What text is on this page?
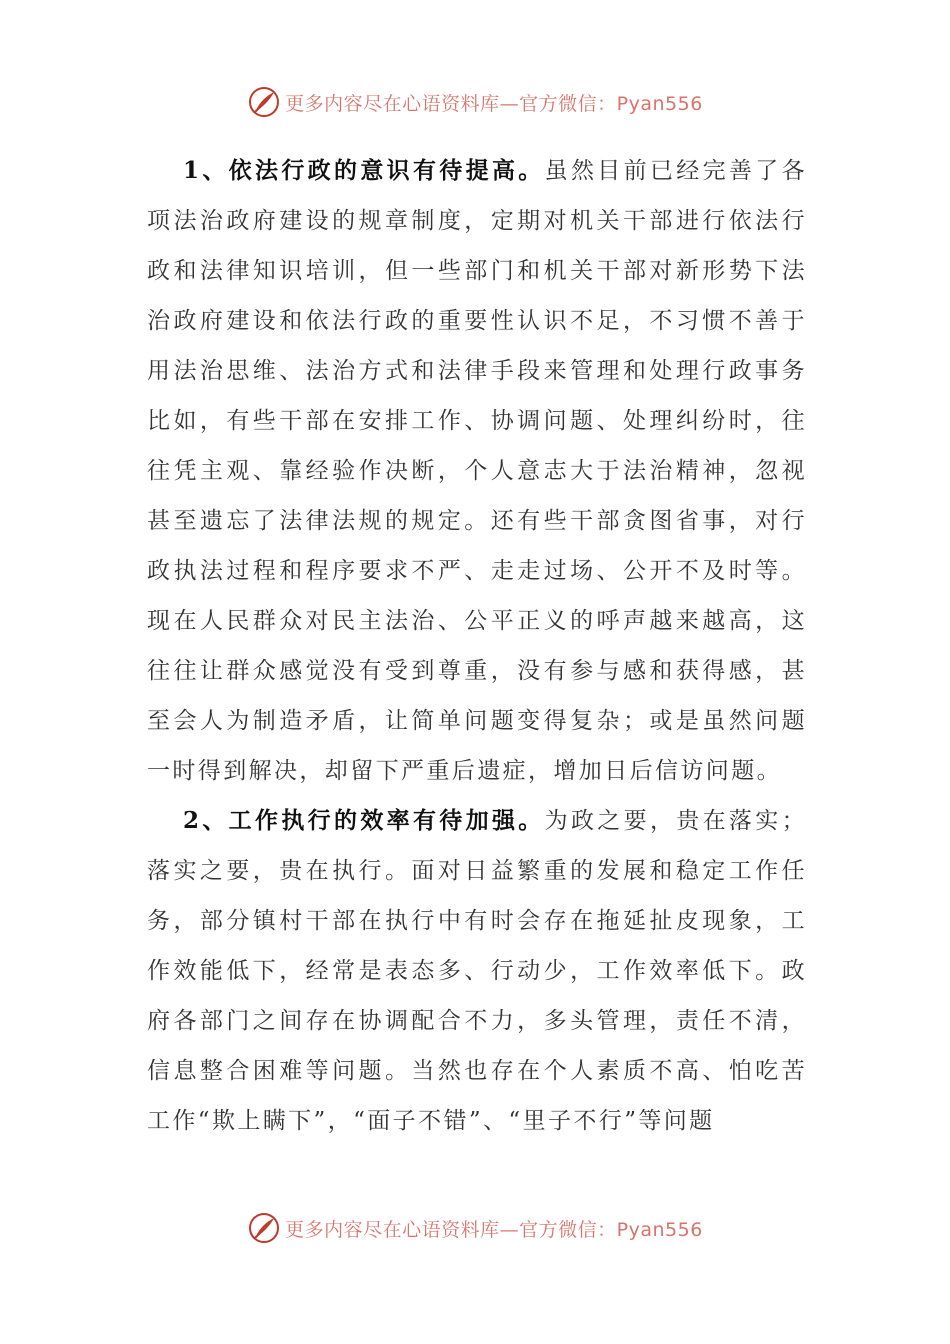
更多内容尽在心语资料库—官方微信：Pyan556

1、依法行政的意识有待提高。虽然目前已经完善了各项法治政府建设的规章制度，定期对机关干部进行依法行政和法律知识培训，但一些部门和机关干部对新形势下法治政府建设和依法行政的重要性认识不足，不习惯不善于用法治思维、法治方式和法律手段来管理和处理行政事务比如，有些干部在安排工作、协调问题、处理纠纷时，往往凭主观、靠经验作决断，个人意志大于法治精神，忽视甚至遗忘了法律法规的规定。还有些干部贪图省事，对行政执法过程和程序要求不严、走走过场、公开不及时等。现在人民群众对民主法治、公平正义的呼声越来越高，这往往让群众感觉没有受到尊重，没有参与感和获得感，甚至会人为制造矛盾，让简单问题变得复杂；或是虽然问题一时得到解决，却留下严重后遗症，增加日后信访问题。

2、工作执行的效率有待加强。为政之要，贵在落实；落实之要，贵在执行。面对日益繁重的发展和稳定工作任务，部分镇村干部在执行中有时会存在拖延扯皮现象，工作效能低下，经常是表态多、行动少，工作效率低下。政府各部门之间存在协调配合不力，多头管理，责任不清，信息整合困难等问题。当然也存在个人素质不高、怕吃苦工作“欺上瞒下”，“面子不错”、“里子不行”等问题

更多内容尽在心语资料库—官方微信：Pyan556
